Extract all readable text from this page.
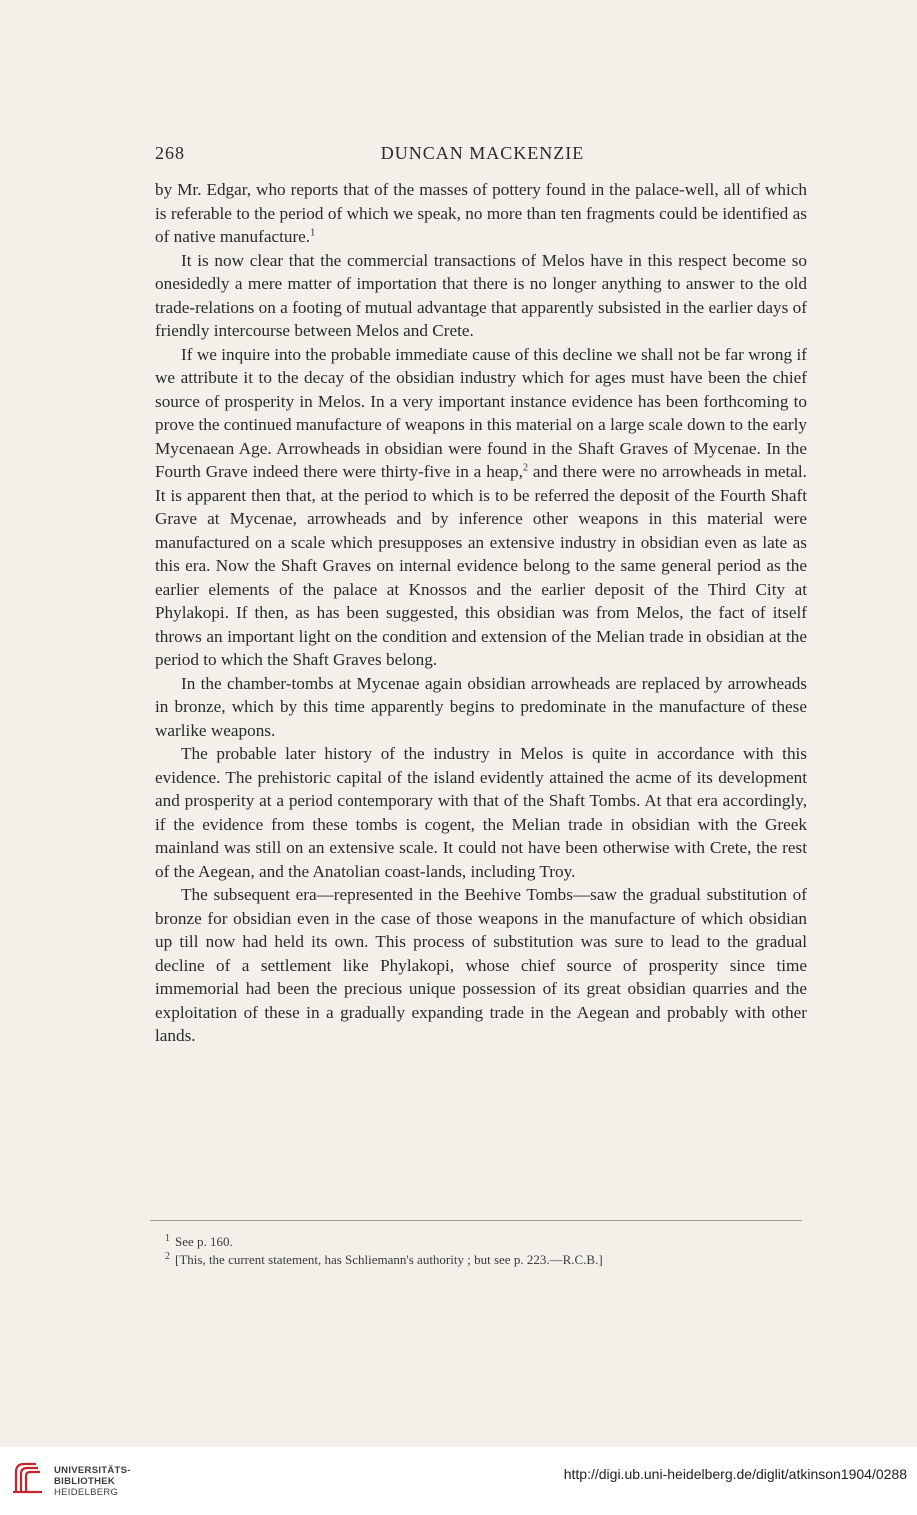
268	DUNCAN MACKENZIE

by Mr. Edgar, who reports that of the masses of pottery found in the palace-well, all of which is referable to the period of which we speak, no more than ten fragments could be identified as of native manufacture.$^1$

It is now clear that the commercial transactions of Melos have in this respect become so onesidedly a mere matter of importation that there is no longer anything to answer to the old trade-relations on a footing of mutual advantage that apparently subsisted in the earlier days of friendly intercourse between Melos and Crete.

If we inquire into the probable immediate cause of this decline we shall not be far wrong if we attribute it to the decay of the obsidian industry which for ages must have been the chief source of prosperity in Melos. In a very important instance evidence has been forthcoming to prove the continued manufacture of weapons in this material on a large scale down to the early Mycenaean Age. Arrowheads in obsidian were found in the Shaft Graves of Mycenae. In the Fourth Grave indeed there were thirty-five in a heap,$^2$ and there were no arrowheads in metal. It is apparent then that, at the period to which is to be referred the deposit of the Fourth Shaft Grave at Mycenae, arrowheads and by inference other weapons in this material were manufactured on a scale which presupposes an extensive industry in obsidian even as late as this era. Now the Shaft Graves on internal evidence belong to the same general period as the earlier elements of the palace at Knossos and the earlier deposit of the Third City at Phylakopi. If then, as has been suggested, this obsidian was from Melos, the fact of itself throws an important light on the condition and extension of the Melian trade in obsidian at the period to which the Shaft Graves belong.

In the chamber-tombs at Mycenae again obsidian arrowheads are replaced by arrowheads in bronze, which by this time apparently begins to predominate in the manufacture of these warlike weapons.

The probable later history of the industry in Melos is quite in accordance with this evidence. The prehistoric capital of the island evidently attained the acme of its development and prosperity at a period contemporary with that of the Shaft Tombs. At that era accordingly, if the evidence from these tombs is cogent, the Melian trade in obsidian with the Greek mainland was still on an extensive scale. It could not have been otherwise with Crete, the rest of the Aegean, and the Anatolian coast-lands, including Troy.

The subsequent era—represented in the Beehive Tombs—saw the gradual substitution of bronze for obsidian even in the case of those weapons in the manufacture of which obsidian up till now had held its own. This process of substitution was sure to lead to the gradual decline of a settlement like Phylakopi, whose chief source of prosperity since time immemorial had been the precious unique possession of its great obsidian quarries and the exploitation of these in a gradually expanding trade in the Aegean and probably with other lands.

1 See p. 160.
2 [This, the current statement, has Schliemann's authority ; but see p. 223.—R.C.B.]
UNIVERSITÄTS-
BIBLIOTHEK
HEIDELBERG
http://digi.ub.uni-heidelberg.de/diglit/atkinson1904/0288
